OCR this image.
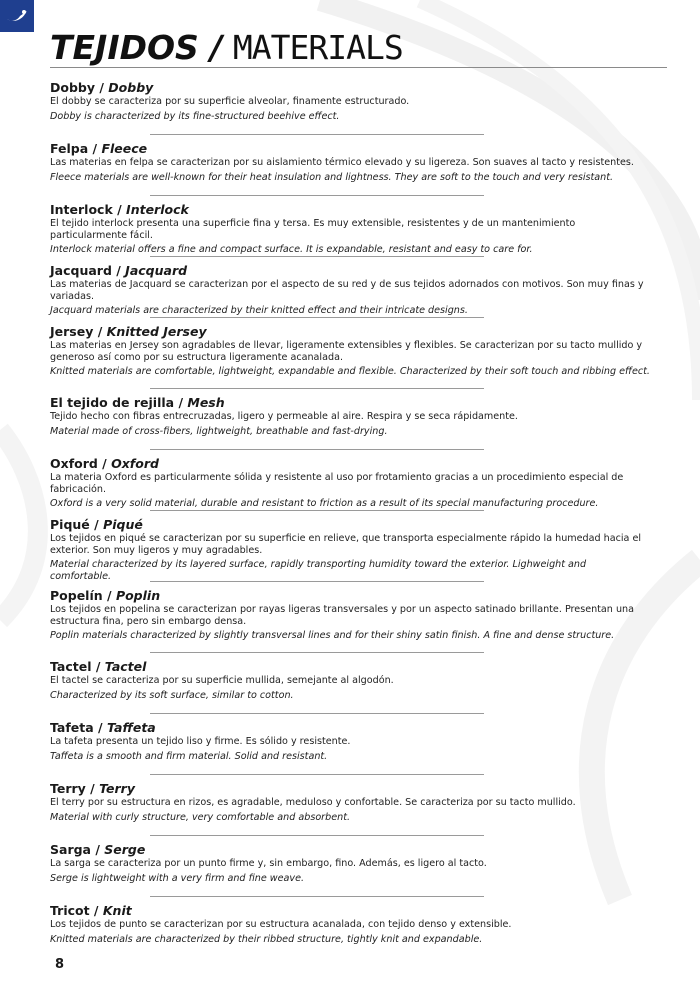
TEJIDOS / MATERIALS

Dobby / Dobby

El dobby se caracteriza por su superficie alveolar, finamente estructurado.

Dobby is characterized by its fine-structured beehive effect.

Felpa / Fleece

Las materias en felpa se caracterizan por su aislamiento térmico elevado y su ligereza. Son suaves al tacto y resistentes.

Fleece materials are well-known for their heat insulation and lightness. They are soft to the touch and very resistant.

Interlock / Interlock

El tejido interlock presenta una superficie fina y tersa. Es muy extensible, resistentes y de un mantenimiento particularmente fácil.

Interlock material offers a fine and compact surface. It is expandable, resistant and easy to care for.

Jacquard / Jacquard

Las materias de Jacquard se caracterizan por el aspecto de su red y de sus tejidos adornados con motivos. Son muy finas y variadas.

Jacquard materials are characterized by their knitted effect and their intricate designs.

Jersey / Knitted Jersey

Las materias en Jersey son agradables de llevar, ligeramente extensibles y flexibles. Se caracterizan por su tacto mullido y generoso así como por su estructura ligeramente acanalada.

Knitted materials are comfortable, lightweight, expandable and flexible. Characterized by their soft touch and ribbing effect.

El tejido de rejilla / Mesh

Tejido hecho con fibras entrecruzadas, ligero y permeable al aire. Respira y se seca rápidamente.

Material made of cross-fibers, lightweight, breathable and fast-drying.

Oxford / Oxford

La materia Oxford es particularmente sólida y resistente al uso por frotamiento gracias a un procedimiento especial de fabricación.

Oxford is a very solid material, durable and resistant to friction as a result of its special manufacturing procedure.

Piqué / Piqué

Los tejidos en piqué se caracterizan por su superficie en relieve, que transporta especialmente rápido la humedad hacia el exterior. Son muy ligeros y muy agradables.

Material characterized by its layered surface, rapidly transporting humidity toward the exterior. Lighweight and comfortable.

Popelín / Poplin

Los tejidos en popelina se caracterizan por rayas ligeras transversales y por un aspecto satinado brillante. Presentan una estructura fina, pero sin embargo densa.

Poplin materials characterized by slightly transversal lines and for their shiny satin finish. A fine and dense structure.

Tactel / Tactel

El tactel se caracteriza por su superficie mullida, semejante al algodón.

Characterized by its soft surface, similar to cotton.

Tafeta / Taffeta

La tafeta presenta un tejido liso y firme. Es sólido y resistente.

Taffeta is a smooth and firm material. Solid and resistant.

Terry / Terry

El terry por su estructura en rizos, es agradable, meduloso y confortable. Se caracteriza por su tacto mullido.

Material with curly structure, very comfortable and absorbent.

Sarga / Serge

La sarga se caracteriza por un punto firme y, sin embargo, fino. Además, es ligero al tacto.

Serge is lightweight with a very firm and fine weave.

Tricot / Knit

Los tejidos de punto se caracterizan por su estructura acanalada, con tejido denso y extensible.

Knitted materials are characterized by their ribbed structure, tightly knit and expandable.

8
